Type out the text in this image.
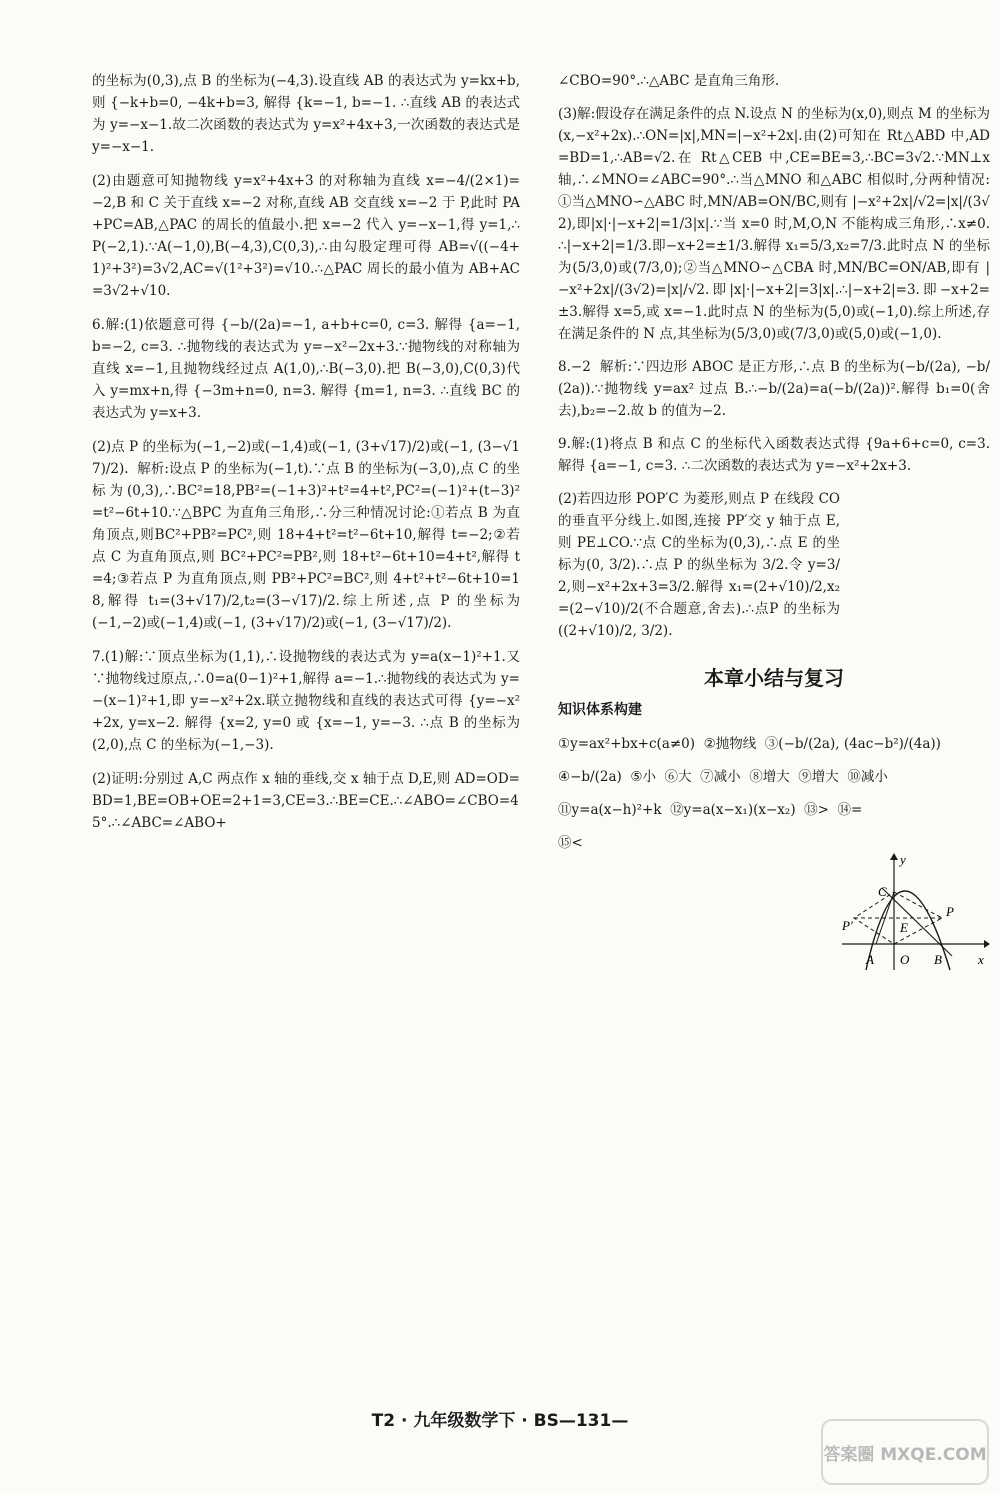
的坐标为(0,3),点 B 的坐标为(−4,3).设直线 AB 的表达式为 y=kx+b,则 {−k+b=0, −4k+b=3, 解得 {k=−1, b=−1. ∴直线 AB 的表达式为 y=−x−1.故二次函数的表达式为 y=x²+4x+3,一次函数的表达式是 y=−x−1.

(2)由题意可知抛物线 y=x²+4x+3 的对称轴为直线 x=−4/(2×1)=−2,B 和 C 关于直线 x=−2 对称,直线 AB 交直线 x=−2 于 P,此时 PA+PC=AB,△PAC 的周长的值最小.把 x=−2 代入 y=−x−1,得 y=1,∴P(−2,1).∵A(−1,0),B(−4,3),C(0,3),∴由勾股定理可得 AB=√((−4+1)²+3²)=3√2,AC=√(1²+3²)=√10.∴△PAC 周长的最小值为 AB+AC=3√2+√10.

6.解:(1)依题意可得 {−b/(2a)=−1, a+b+c=0, c=3. 解得 {a=−1, b=−2, c=3. ∴抛物线的表达式为 y=−x²−2x+3.∵抛物线的对称轴为直线 x=−1,且抛物线经过点 A(1,0),∴B(−3,0).把 B(−3,0),C(0,3)代入 y=mx+n,得 {−3m+n=0, n=3. 解得 {m=1, n=3. ∴直线 BC 的表达式为 y=x+3.

(2)点 P 的坐标为(−1,−2)或(−1,4)或(−1, (3+√17)/2)或(−1, (3−√17)/2).  解析:设点 P 的坐标为(−1,t).∵点 B 的坐标为(−3,0),点 C 的坐标为(0,3),∴BC²=18,PB²=(−1+3)²+t²=4+t²,PC²=(−1)²+(t−3)²=t²−6t+10.∵△BPC 为直角三角形,∴分三种情况讨论:①若点 B 为直角顶点,则BC²+PB²=PC²,则 18+4+t²=t²−6t+10,解得 t=−2;②若点 C 为直角顶点,则 BC²+PC²=PB²,则 18+t²−6t+10=4+t²,解得 t=4;③若点 P 为直角顶点,则 PB²+PC²=BC²,则 4+t²+t²−6t+10=18,解得 t₁=(3+√17)/2,t₂=(3−√17)/2.综上所述,点 P 的坐标为(−1,−2)或(−1,4)或(−1, (3+√17)/2)或(−1, (3−√17)/2).

7.(1)解:∵顶点坐标为(1,1),∴设抛物线的表达式为 y=a(x−1)²+1.又∵抛物线过原点,∴0=a(0−1)²+1,解得 a=−1.∴抛物线的表达式为 y=−(x−1)²+1,即 y=−x²+2x.联立抛物线和直线的表达式可得 {y=−x²+2x, y=x−2. 解得 {x=2, y=0 或 {x=−1, y=−3. ∴点 B 的坐标为(2,0),点 C 的坐标为(−1,−3).

(2)证明:分别过 A,C 两点作 x 轴的垂线,交 x 轴于点 D,E,则 AD=OD=BD=1,BE=OB+OE=2+1=3,CE=3.∴BE=CE.∴∠ABO=∠CBO=45°.∴∠ABC=∠ABO+

∠CBO=90°.∴△ABC 是直角三角形.

(3)解:假设存在满足条件的点 N.设点 N 的坐标为(x,0),则点 M 的坐标为(x,−x²+2x).∴ON=|x|,MN=|−x²+2x|.由(2)可知在 Rt△ABD 中,AD=BD=1,∴AB=√2.在 Rt△CEB 中,CE=BE=3,∴BC=3√2.∵MN⊥x 轴,∴∠MNO=∠ABC=90°.∴当△MNO 和△ABC 相似时,分两种情况:①当△MNO∽△ABC 时,MN/AB=ON/BC,则有 |−x²+2x|/√2=|x|/(3√2),即|x|·|−x+2|=1/3|x|.∵当 x=0 时,M,O,N 不能构成三角形,∴x≠0.∴|−x+2|=1/3.即−x+2=±1/3.解得 x₁=5/3,x₂=7/3.此时点 N 的坐标为(5/3,0)或(7/3,0);②当△MNO∽△CBA 时,MN/BC=ON/AB,即有 |−x²+2x|/(3√2)=|x|/√2.即|x|·|−x+2|=3|x|.∴|−x+2|=3.即−x+2=±3.解得 x=5,或 x=−1.此时点 N 的坐标为(5,0)或(−1,0).综上所述,存在满足条件的 N 点,其坐标为(5/3,0)或(7/3,0)或(5,0)或(−1,0).

8.−2  解析:∵四边形 ABOC 是正方形,∴点 B 的坐标为(−b/(2a), −b/(2a)).∵抛物线 y=ax² 过点 B.∴−b/(2a)=a(−b/(2a))².解得 b₁=0(舍去),b₂=−2.故 b 的值为−2.

9.解:(1)将点 B 和点 C 的坐标代入函数表达式得 {9a+6+c=0, c=3. 解得 {a=−1, c=3. ∴二次函数的表达式为 y=−x²+2x+3.

(2)若四边形 POP′C 为菱形,则点 P 在线段 CO 的垂直平分线上.如图,连接 PP′交 y 轴于点 E,则 PE⊥CO.∵点 C的坐标为(0,3),∴点 E 的坐标为(0, 3/2).∴点 P 的纵坐标为 3/2.令 y=3/2,则−x²+2x+3=3/2.解得 x₁=(2+√10)/2,x₂=(2−√10)/2(不合题意,舍去).∴点P 的坐标为((2+√10)/2, 3/2).

本章小结与复习
知识体系构建

①y=ax²+bx+c(a≠0)  ②抛物线  ③(−b/(2a), (4ac−b²)/(4a))

④−b/(2a)  ⑤小  ⑥大  ⑦减小  ⑧增大  ⑨增大  ⑩减小

⑪y=a(x−h)²+k  ⑫y=a(x−x₁)(x−x₂)  ⑬>  ⑭=

⑮<

y
C
P
P′	E
A O B	x
T2 · 九年级数学下 · BS—131—
答案圈 MXQE.COM
